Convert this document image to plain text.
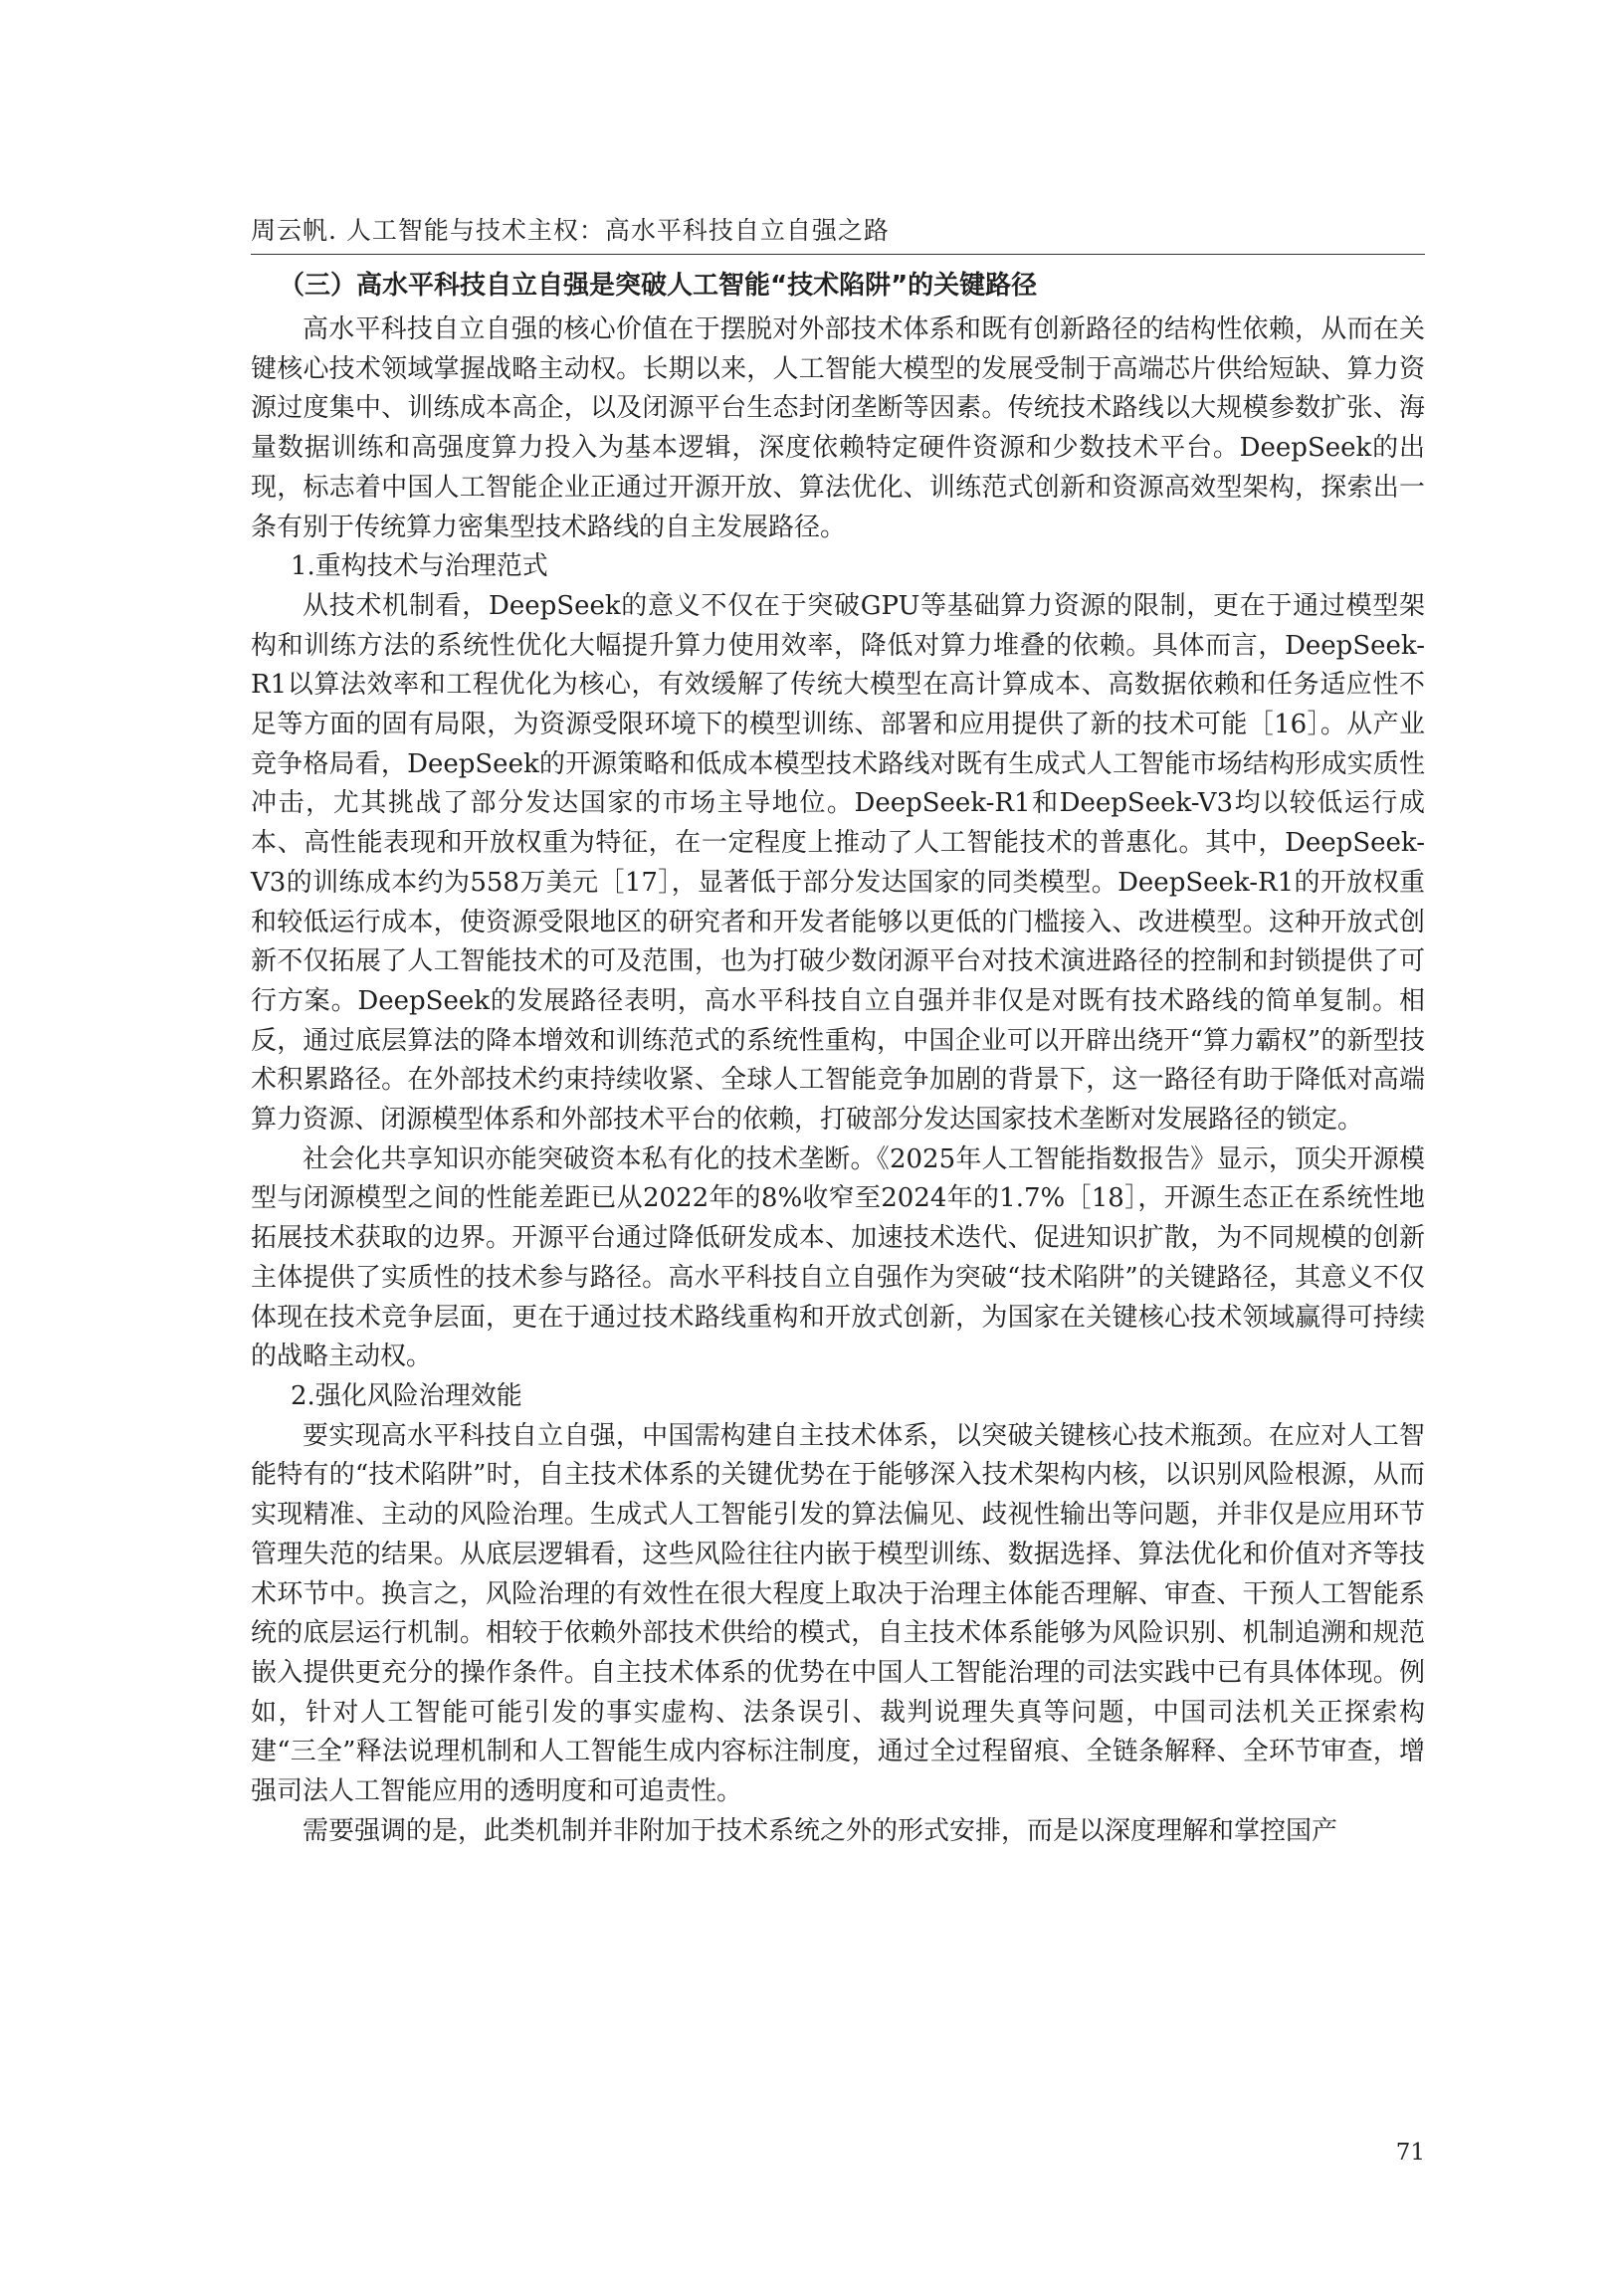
周云帆. 人工智能与技术主权：高水平科技自立自强之路
（三）高水平科技自立自强是突破人工智能“技术陷阱”的关键路径

高水平科技自立自强的核心价值在于摆脱对外部技术体系和既有创新路径的结构性依赖，从而在关键核心技术领域掌握战略主动权。长期以来，人工智能大模型的发展受制于高端芯片供给短缺、算力资源过度集中、训练成本高企，以及闭源平台生态封闭垄断等因素。传统技术路线以大规模参数扩张、海量数据训练和高强度算力投入为基本逻辑，深度依赖特定硬件资源和少数技术平台。DeepSeek的出现，标志着中国人工智能企业正通过开源开放、算法优化、训练范式创新和资源高效型架构，探索出一条有别于传统算力密集型技术路线的自主发展路径。

1.重构技术与治理范式

从技术机制看，DeepSeek的意义不仅在于突破GPU等基础算力资源的限制，更在于通过模型架构和训练方法的系统性优化大幅提升算力使用效率，降低对算力堆叠的依赖。具体而言，DeepSeek-R1以算法效率和工程优化为核心，有效缓解了传统大模型在高计算成本、高数据依赖和任务适应性不足等方面的固有局限，为资源受限环境下的模型训练、部署和应用提供了新的技术可能［16］。从产业竞争格局看，DeepSeek的开源策略和低成本模型技术路线对既有生成式人工智能市场结构形成实质性冲击，尤其挑战了部分发达国家的市场主导地位。DeepSeek-R1和DeepSeek-V3均以较低运行成本、高性能表现和开放权重为特征，在一定程度上推动了人工智能技术的普惠化。其中，DeepSeek-V3的训练成本约为558万美元［17］，显著低于部分发达国家的同类模型。DeepSeek-R1的开放权重和较低运行成本，使资源受限地区的研究者和开发者能够以更低的门槛接入、改进模型。这种开放式创新不仅拓展了人工智能技术的可及范围，也为打破少数闭源平台对技术演进路径的控制和封锁提供了可行方案。DeepSeek的发展路径表明，高水平科技自立自强并非仅是对既有技术路线的简单复制。相反，通过底层算法的降本增效和训练范式的系统性重构，中国企业可以开辟出绕开“算力霸权”的新型技术积累路径。在外部技术约束持续收紧、全球人工智能竞争加剧的背景下，这一路径有助于降低对高端算力资源、闭源模型体系和外部技术平台的依赖，打破部分发达国家技术垄断对发展路径的锁定。

社会化共享知识亦能突破资本私有化的技术垄断。《2025年人工智能指数报告》显示，顶尖开源模型与闭源模型之间的性能差距已从2022年的8%收窄至2024年的1.7%［18］，开源生态正在系统性地拓展技术获取的边界。开源平台通过降低研发成本、加速技术迭代、促进知识扩散，为不同规模的创新主体提供了实质性的技术参与路径。高水平科技自立自强作为突破“技术陷阱”的关键路径，其意义不仅体现在技术竞争层面，更在于通过技术路线重构和开放式创新，为国家在关键核心技术领域赢得可持续的战略主动权。

2.强化风险治理效能

要实现高水平科技自立自强，中国需构建自主技术体系，以突破关键核心技术瓶颈。在应对人工智能特有的“技术陷阱”时，自主技术体系的关键优势在于能够深入技术架构内核，以识别风险根源，从而实现精准、主动的风险治理。生成式人工智能引发的算法偏见、歧视性输出等问题，并非仅是应用环节管理失范的结果。从底层逻辑看，这些风险往往内嵌于模型训练、数据选择、算法优化和价值对齐等技术环节中。换言之，风险治理的有效性在很大程度上取决于治理主体能否理解、审查、干预人工智能系统的底层运行机制。相较于依赖外部技术供给的模式，自主技术体系能够为风险识别、机制追溯和规范嵌入提供更充分的操作条件。自主技术体系的优势在中国人工智能治理的司法实践中已有具体体现。例如，针对人工智能可能引发的事实虚构、法条误引、裁判说理失真等问题，中国司法机关正探索构建“三全”释法说理机制和人工智能生成内容标注制度，通过全过程留痕、全链条解释、全环节审查，增强司法人工智能应用的透明度和可追责性。

需要强调的是，此类机制并非附加于技术系统之外的形式安排，而是以深度理解和掌控国产

71
